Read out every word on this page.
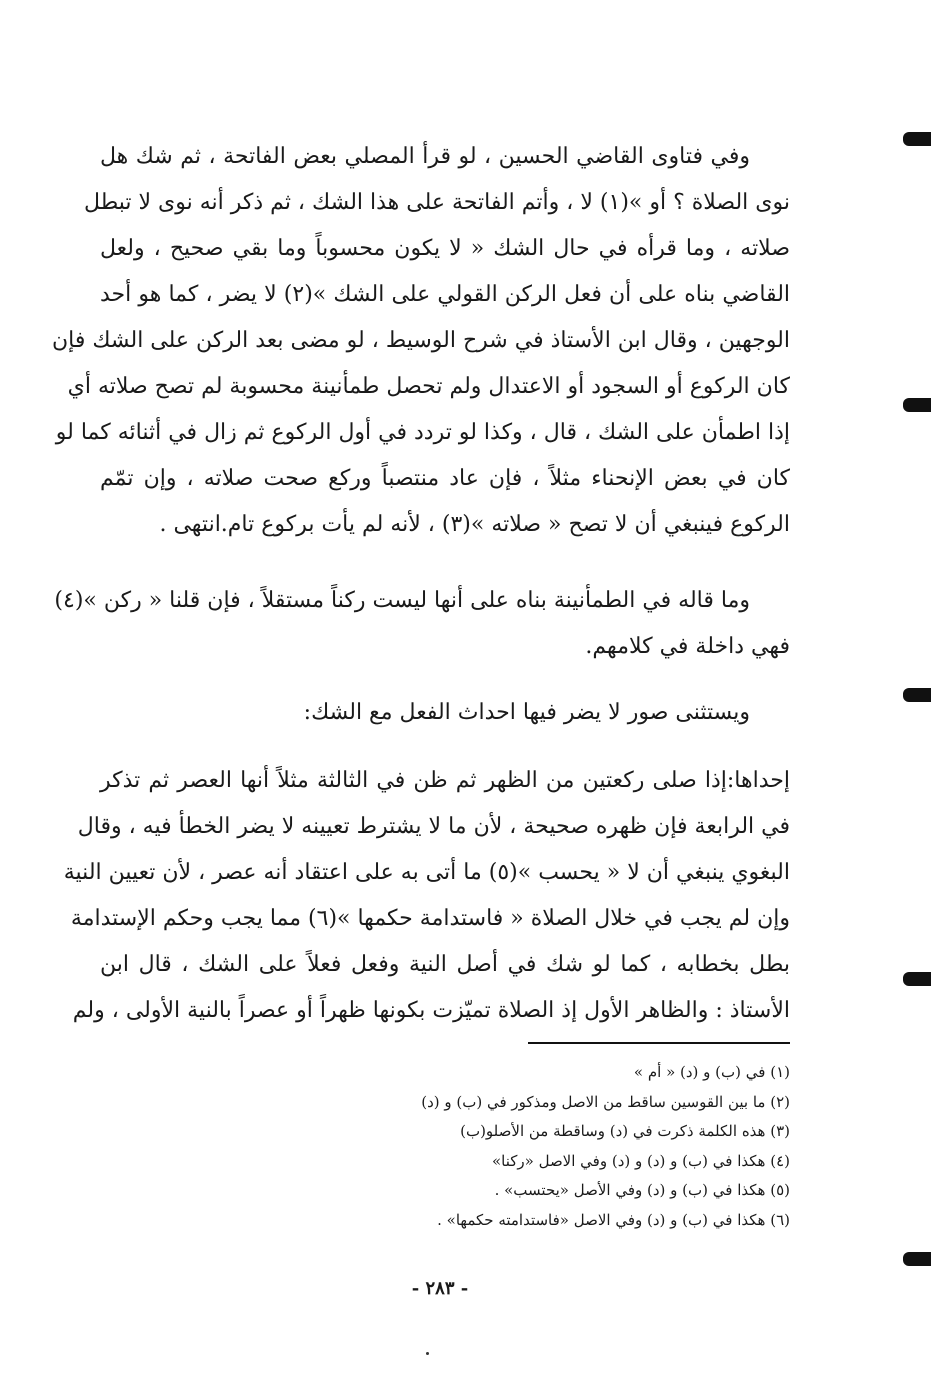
وفي فتاوى القاضي الحسين ، لو قرأ المصلي بعض الفاتحة ، ثم شك هل
نوى الصلاة ؟ أو »(١) لا ، وأتم الفاتحة على هذا الشك ، ثم ذكر أنه نوى لا تبطل
صلاته ، وما قرأه في حال الشك « لا يكون محسوباً وما بقي صحيح ، ولعل
القاضي بناه على أن فعل الركن القولي على الشك »(٢) لا يضر ، كما هو أحد
الوجهين ، وقال ابن الأستاذ في شرح الوسيط ، لو مضى بعد الركن على الشك فإن
كان الركوع أو السجود أو الاعتدال ولم تحصل طمأنينة محسوبة لم تصح صلاته أي
إذا اطمأن على الشك ، قال ، وكذا لو تردد في أول الركوع ثم زال في أثنائه كما لو
كان في بعض الإنحناء مثلاً ، فإن عاد منتصباً وركع صحت صلاته ، وإن تمّم
الركوع فينبغي أن لا تصح « صلاته »(٣) ، لأنه لم يأت بركوع تام.انتهى .
وما قاله في الطمأنينة بناه على أنها ليست ركناً مستقلاً ، فإن قلنا « ركن »(٤)
فهي داخلة في كلامهم.
ويستثنى صور لا يضر فيها احداث الفعل مع الشك:
إحداها:إذا صلى ركعتين من الظهر ثم ظن في الثالثة مثلاً أنها العصر ثم تذكر
في الرابعة فإن ظهره صحيحة ، لأن ما لا يشترط تعيينه لا يضر الخطأ فيه ، وقال
البغوي ينبغي أن لا « يحسب »(٥) ما أتى به على اعتقاد أنه عصر ، لأن تعيين النية
وإن لم يجب في خلال الصلاة « فاستدامة حكمها »(٦) مما يجب وحكم الإستدامة
بطل بخطابه ، كما لو شك في أصل النية وفعل فعلاً على الشك ، قال ابن
الأستاذ : والظاهر الأول إذ الصلاة تميّزت بكونها ظهراً أو عصراً بالنية الأولى ، ولم
(١) في (ب) و (د) « أم »
(٢) ما بين القوسين ساقط من الاصل ومذكور في (ب) و (د)
(٣) هذه الكلمة ذكرت في (د) وساقطة من الأصلو(ب)
(٤) هكذا في (ب) و (د) و (د) وفي الاصل «ركنا»
(٥) هكذا في (ب) و (د) وفي الأصل «يحتسب» .
(٦) هكذا في (ب) و (د) وفي الاصل «فاستدامته حكمها» .
- ٢٨٣ -
